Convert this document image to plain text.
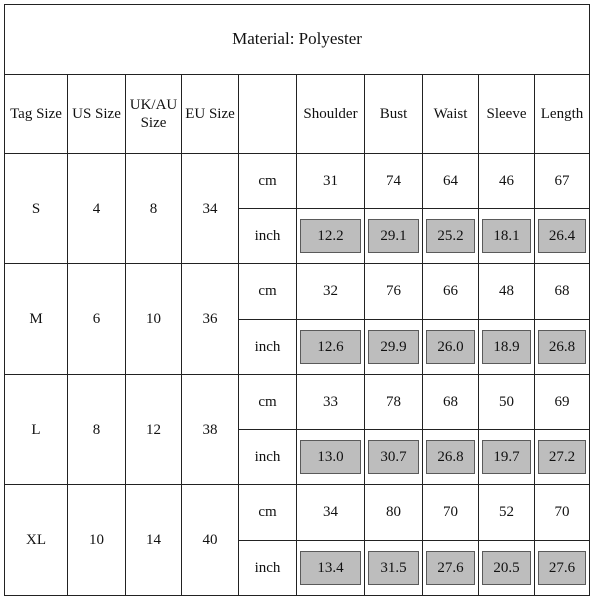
Material: Polyester									
Tag Size	US Size	UK/AU Size	EU Size		Shoulder	Bust	Waist	Sleeve	Length
S	4	8	34	cm	31	74	64	46	67
				inch	12.2	29.1	25.2	18.1	26.4

M	6	10	36	cm	32	76	66	48	68
				inch	12.6	29.9	26.0	18.9	26.8

L	8	12	38	cm	33	78	68	50	69
				inch	13.0	30.7	26.8	19.7	27.2

XL	10	14	40	cm	34	80	70	52	70
				inch	13.4	31.5	27.6	20.5	27.6
